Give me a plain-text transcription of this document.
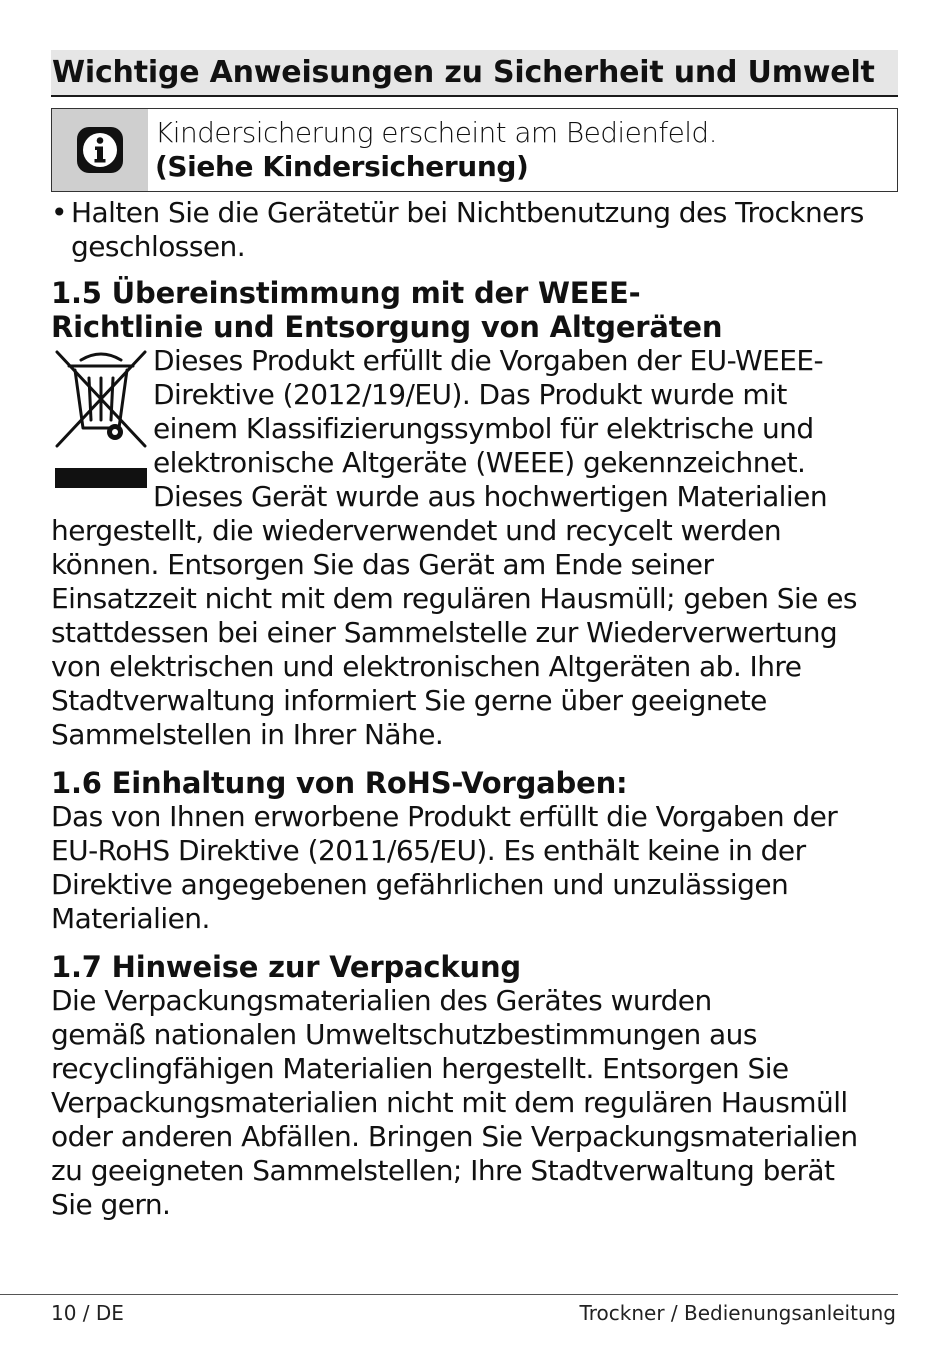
Wichtige Anweisungen zu Sicherheit und Umwelt
Kindersicherung erscheint am Bedienfeld.
(Siehe Kindersicherung)
• Halten Sie die Gerätetür bei Nichtbenutzung des Trockners
geschlossen.
1.5 Übereinstimmung mit der WEEE-
Richtlinie und Entsorgung von Altgeräten
Dieses Produkt erfüllt die Vorgaben der EU-WEEE-
Direktive (2012/19/EU). Das Produkt wurde mit
einem Klassifizierungssymbol für elektrische und
elektronische Altgeräte (WEEE) gekennzeichnet.
Dieses Gerät wurde aus hochwertigen Materialien
hergestellt, die wiederverwendet und recycelt werden
können. Entsorgen Sie das Gerät am Ende seiner
Einsatzzeit nicht mit dem regulären Hausmüll; geben Sie es
stattdessen bei einer Sammelstelle zur Wiederverwertung
von elektrischen und elektronischen Altgeräten ab. Ihre
Stadtverwaltung informiert Sie gerne über geeignete
Sammelstellen in Ihrer Nähe.
1.6 Einhaltung von RoHS-Vorgaben:
Das von Ihnen erworbene Produkt erfüllt die Vorgaben der
EU-RoHS Direktive (2011/65/EU). Es enthält keine in der
Direktive angegebenen gefährlichen und unzulässigen
Materialien.
1.7 Hinweise zur Verpackung
Die Verpackungsmaterialien des Gerätes wurden
gemäß nationalen Umweltschutzbestimmungen aus
recyclingfähigen Materialien hergestellt. Entsorgen Sie
Verpackungsmaterialien nicht mit dem regulären Hausmüll
oder anderen Abfällen. Bringen Sie Verpackungsmaterialien
zu geeigneten Sammelstellen; Ihre Stadtverwaltung berät
Sie gern.
10 / DE	Trockner / Bedienungsanleitung
